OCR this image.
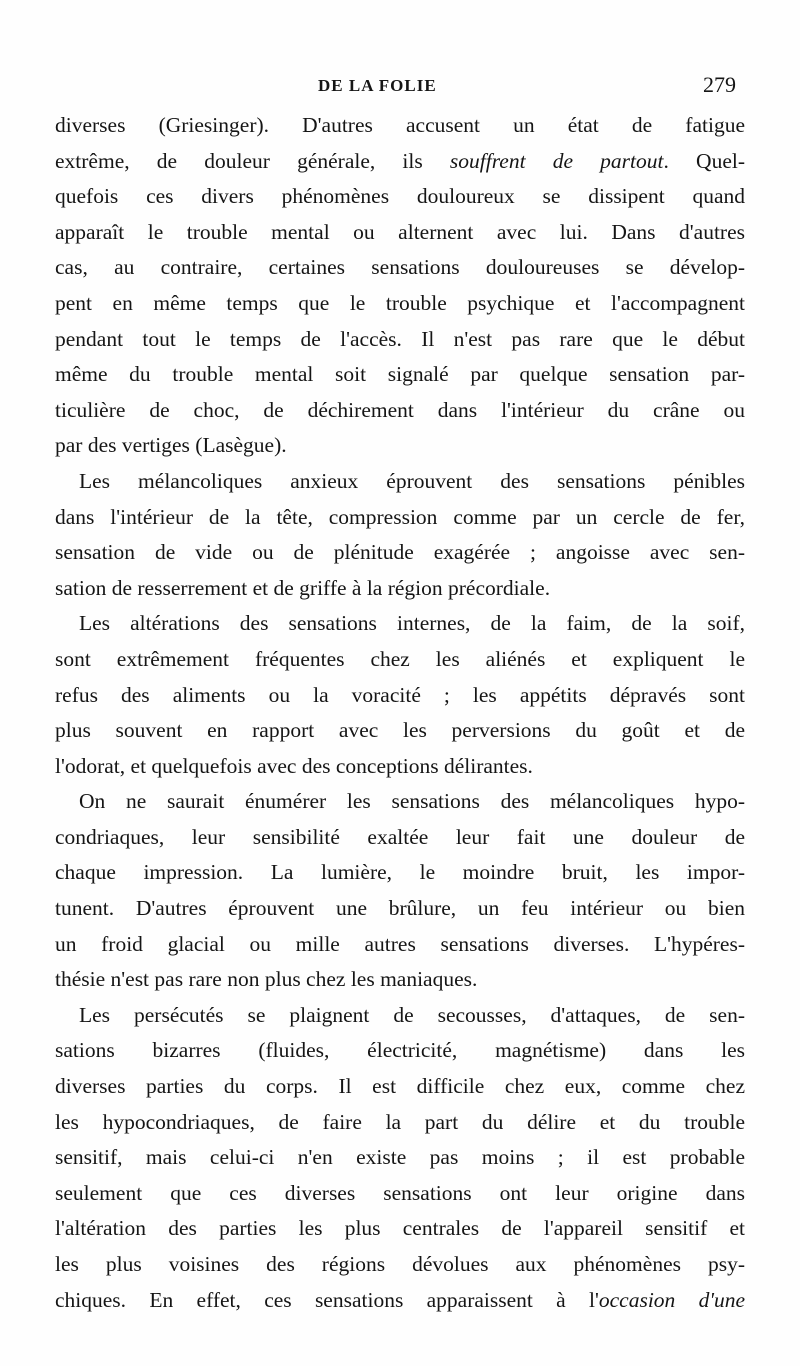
DE LA FOLIE	279
diverses (Griesinger). D'autres accusent un état de fatigue
extrême, de douleur générale, ils souffrent de partout. Quel-
quefois ces divers phénomènes douloureux se dissipent quand
apparaît le trouble mental ou alternent avec lui. Dans d'autres
cas, au contraire, certaines sensations douloureuses se dévelop-
pent en même temps que le trouble psychique et l'accompagnent
pendant tout le temps de l'accès. Il n'est pas rare que le début
même du trouble mental soit signalé par quelque sensation par-
ticulière de choc, de déchirement dans l'intérieur du crâne ou
par des vertiges (Lasègue).
Les mélancoliques anxieux éprouvent des sensations pénibles
dans l'intérieur de la tête, compression comme par un cercle de fer,
sensation de vide ou de plénitude exagérée ; angoisse avec sen-
sation de resserrement et de griffe à la région précordiale.
Les altérations des sensations internes, de la faim, de la soif,
sont extrêmement fréquentes chez les aliénés et expliquent le
refus des aliments ou la voracité ; les appétits dépravés sont
plus souvent en rapport avec les perversions du goût et de
l'odorat, et quelquefois avec des conceptions délirantes.
On ne saurait énumérer les sensations des mélancoliques hypo-
condriaques, leur sensibilité exaltée leur fait une douleur de
chaque impression. La lumière, le moindre bruit, les impor-
tunent. D'autres éprouvent une brûlure, un feu intérieur ou bien
un froid glacial ou mille autres sensations diverses. L'hypéres-
thésie n'est pas rare non plus chez les maniaques.
Les persécutés se plaignent de secousses, d'attaques, de sen-
sations bizarres (fluides, électricité, magnétisme) dans les
diverses parties du corps. Il est difficile chez eux, comme chez
les hypocondriaques, de faire la part du délire et du trouble
sensitif, mais celui-ci n'en existe pas moins ; il est probable
seulement que ces diverses sensations ont leur origine dans
l'altération des parties les plus centrales de l'appareil sensitif et
les plus voisines des régions dévolues aux phénomènes psy-
chiques. En effet, ces sensations apparaissent à l'occasion d'une
